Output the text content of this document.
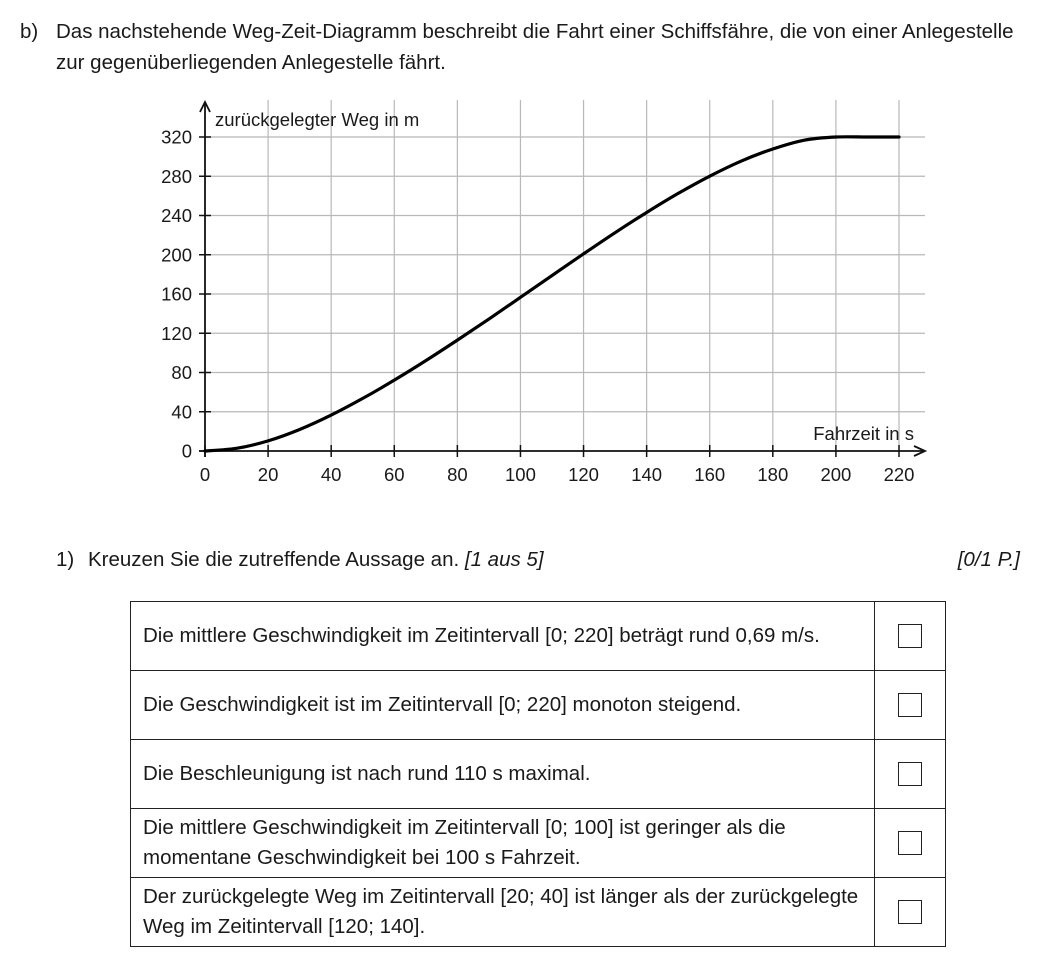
b) Das nachstehende Weg-Zeit-Diagramm beschreibt die Fahrt einer Schiffsfähre, die von einer Anlegestelle zur gegenüberliegenden Anlegestelle fährt.
0	20 40 60 80 100 120 140 160 180 200 220
0
40
80
120
160
200
240
280
320
zurückgelegter Weg in m
Fahrzeit in s
1) Kreuzen Sie die zutreffende Aussage an. [1 aus 5]	[0/1 P.]
Die mittlere Geschwindigkeit im Zeitintervall [0; 220] beträgt rund 0,69 m/s.	
Die Geschwindigkeit ist im Zeitintervall [0; 220] monoton steigend.	
Die Beschleunigung ist nach rund 110 s maximal.	
Die mittlere Geschwindigkeit im Zeitintervall [0; 100] ist geringer als die momentane Geschwindigkeit bei 100 s Fahrzeit.	
Der zurückgelegte Weg im Zeitintervall [20; 40] ist länger als der zurückgelegte Weg im Zeitintervall [120; 140].	
